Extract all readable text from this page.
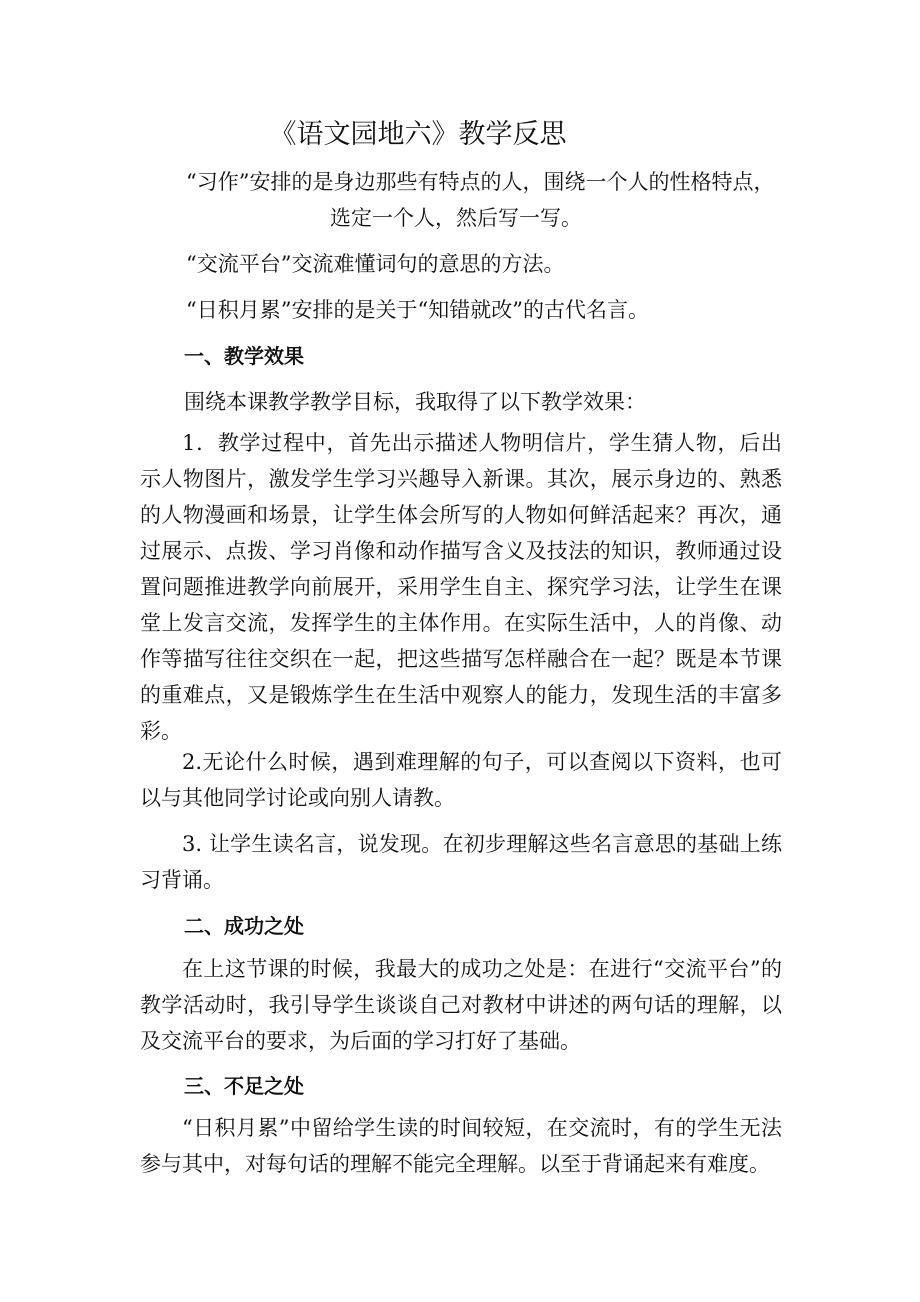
《语文园地六》教学反思
“习作”安排的是身边那些有特点的人，围绕一个人的性格特点，
选定一个人，然后写一写。
“交流平台”交流难懂词句的意思的方法。
“日积月累”安排的是关于“知错就改”的古代名言。
一、教学效果
围绕本课教学教学目标，我取得了以下教学效果：
1．教学过程中，首先出示描述人物明信片，学生猜人物，后出示人物图片，激发学生学习兴趣导入新课。其次，展示身边的、熟悉的人物漫画和场景，让学生体会所写的人物如何鲜活起来？再次，通过展示、点拨、学习肖像和动作描写含义及技法的知识，教师通过设置问题推进教学向前展开，采用学生自主、探究学习法，让学生在课堂上发言交流，发挥学生的主体作用。在实际生活中，人的肖像、动作等描写往往交织在一起，把这些描写怎样融合在一起？既是本节课的重难点，又是锻炼学生在生活中观察人的能力，发现生活的丰富多彩。
2.无论什么时候，遇到难理解的句子，可以查阅以下资料，也可以与其他同学讨论或向别人请教。
3. 让学生读名言，说发现。在初步理解这些名言意思的基础上练习背诵。
二、成功之处
在上这节课的时候，我最大的成功之处是：在进行“交流平台”的教学活动时，我引导学生谈谈自己对教材中讲述的两句话的理解，以及交流平台的要求，为后面的学习打好了基础。
三、不足之处
“日积月累”中留给学生读的时间较短，在交流时，有的学生无法参与其中，对每句话的理解不能完全理解。以至于背诵起来有难度。
